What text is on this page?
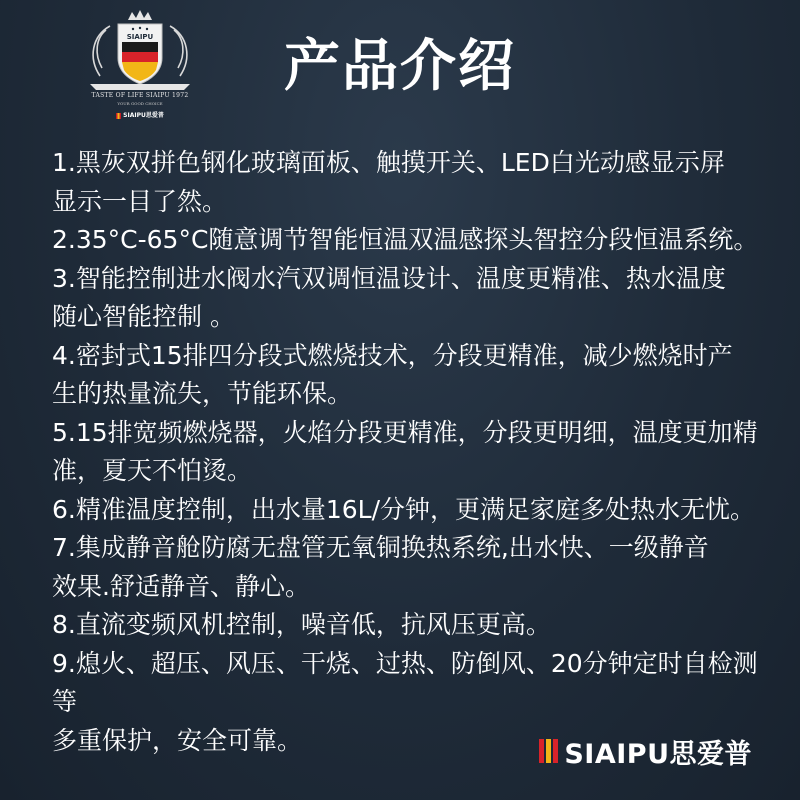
SIAIPU
TASTE OF LIFE SIAIPU 1972
YOUR GOOD CHOICE
SIAIPU思爱普
产品介绍

1.黑灰双拼色钢化玻璃面板、触摸开关、LED白光动感显示屏
显示一目了然。

2.35°C-65°C随意调节智能恒温双温感探头智控分段恒温系统。

3.智能控制进水阀水汽双调恒温设计、温度更精准、热水温度
随心智能控制 。

4.密封式15排四分段式燃烧技术，分段更精准，减少燃烧时产
生的热量流失，节能环保。

5.15排宽频燃烧器，火焰分段更精准，分段更明细，温度更加精
准，夏天不怕烫。

6.精准温度控制，出水量16L/分钟，更满足家庭多处热水无忧。

7.集成静音舱防腐无盘管无氧铜换热系统,出水快、一级静音
效果.舒适静音、静心。

8.直流变频风机控制，噪音低，抗风压更高。

9.熄火、超压、风压、干烧、过热、防倒风、20分钟定时自检测等
多重保护，安全可靠。	SIAIPU思爱普
